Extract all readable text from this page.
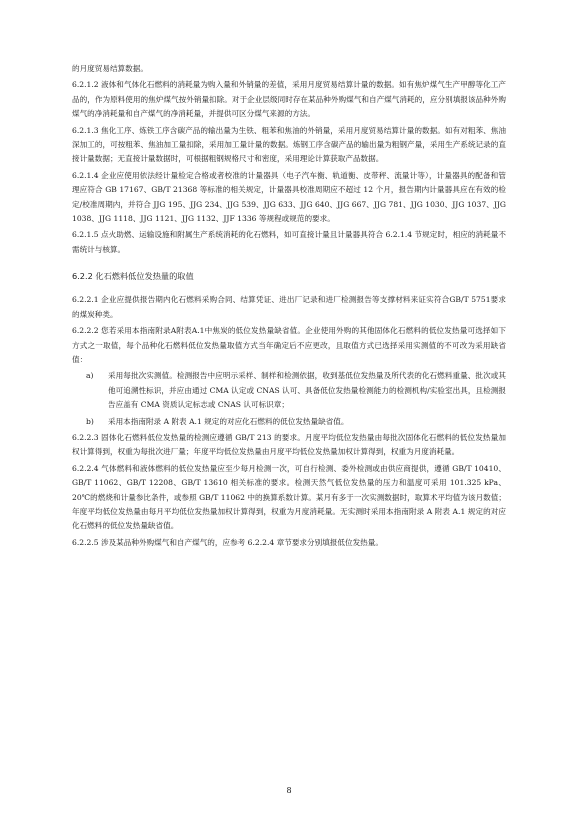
的月度贸易结算数据。

6.2.1.2 液体和气体化石燃料的消耗量为购入量和外销量的差值，采用月度贸易结算计量的数据。如有焦炉煤气生产甲醇等化工产品的，作为原料使用的焦炉煤气按外销量扣除。对于企业层级同时存在某品种外购煤气和自产煤气消耗的，应分别填报该品种外购煤气的净消耗量和自产煤气的净消耗量，并提供可区分煤气来源的方法。

6.2.1.3 焦化工序、炼铁工序含碳产品的输出量为生铁、粗苯和焦油的外销量，采用月度贸易结算计量的数据。如有对粗苯、焦油深加工的，可按粗苯、焦油加工量扣除，采用加工量计量的数据。炼钢工序含碳产品的输出量为粗钢产量，采用生产系统记录的直接计量数据；无直接计量数据时，可根据粗钢规格尺寸和密度，采用理论计算获取产品数据。

6.2.1.4 企业应使用依法经计量检定合格或者校准的计量器具（电子汽车衡、轨道衡、皮带秤、流量计等），计量器具的配备和管理应符合 GB 17167、GB/T 21368 等标准的相关规定，计量器具校准周期应不超过 12 个月，报告期内计量器具应在有效的检定/校准周期内，并符合 JJG 195、JJG 234、JJG 539、JJG 633、JJG 640、JJG 667、JJG 781、JJG 1030、JJG 1037、JJG 1038、JJG 1118、JJG 1121、JJG 1132、JJF 1336 等规程或规范的要求。

6.2.1.5 点火助燃、运输设施和附属生产系统消耗的化石燃料，如可直接计量且计量器具符合 6.2.1.4 节规定时，相应的消耗量不需统计与核算。

6.2.2 化石燃料低位发热量的取值

6.2.2.1 企业应提供报告期内化石燃料采购合同、结算凭证、进出厂记录和进厂检测报告等支撑材料来证实符合GB/T 5751要求的煤炭种类。

6.2.2.2 您若采用本指南附录A附表A.1中焦炭的低位发热量缺省值。企业使用外购的其他固体化石燃料的低位发热量可选择如下方式之一取值，每个品种化石燃料低位发热量取值方式当年确定后不应更改，且取值方式已选择采用实测值的不可改为采用缺省值：

a)	采用每批次实测值。检测报告中应明示采样、制样和检测依据，收到基低位发热量及所代表的化石燃料重量、批次或其他可追溯性标识，并应由通过 CMA 认定或 CNAS 认可、具备低位发热量检测能力的检测机构/实验室出具，且检测报告应盖有 CMA 资质认定标志或 CNAS 认可标识章；
b)	采用本指南附录 A 附表 A.1 规定的对应化石燃料的低位发热量缺省值。

6.2.2.3 固体化石燃料低位发热量的检测应遵循 GB/T 213 的要求。月度平均低位发热量由每批次固体化石燃料的低位发热量加权计算得到，权重为每批次进厂量；年度平均低位发热量由月度平均低位发热量加权计算得到，权重为月度消耗量。

6.2.2.4 气体燃料和液体燃料的低位发热量应至少每月检测一次，可自行检测、委外检测或由供应商提供，遵循 GB/T 10410、GB/T 11062、GB/T 12208、GB/T 13610 相关标准的要求。检测天然气低位发热量的压力和温度可采用 101.325 kPa、20℃的燃烧和计量参比条件，或参照 GB/T 11062 中的换算系数计算。某月有多于一次实测数据时，取算术平均值为该月数值；年度平均低位发热量由每月平均低位发热量加权计算得到，权重为月度消耗量。无实测时采用本指南附录 A 附表 A.1 规定的对应化石燃料的低位发热量缺省值。

6.2.2.5 涉及某品种外购煤气和自产煤气的，应参考 6.2.2.4 章节要求分别填报低位发热量。

8
